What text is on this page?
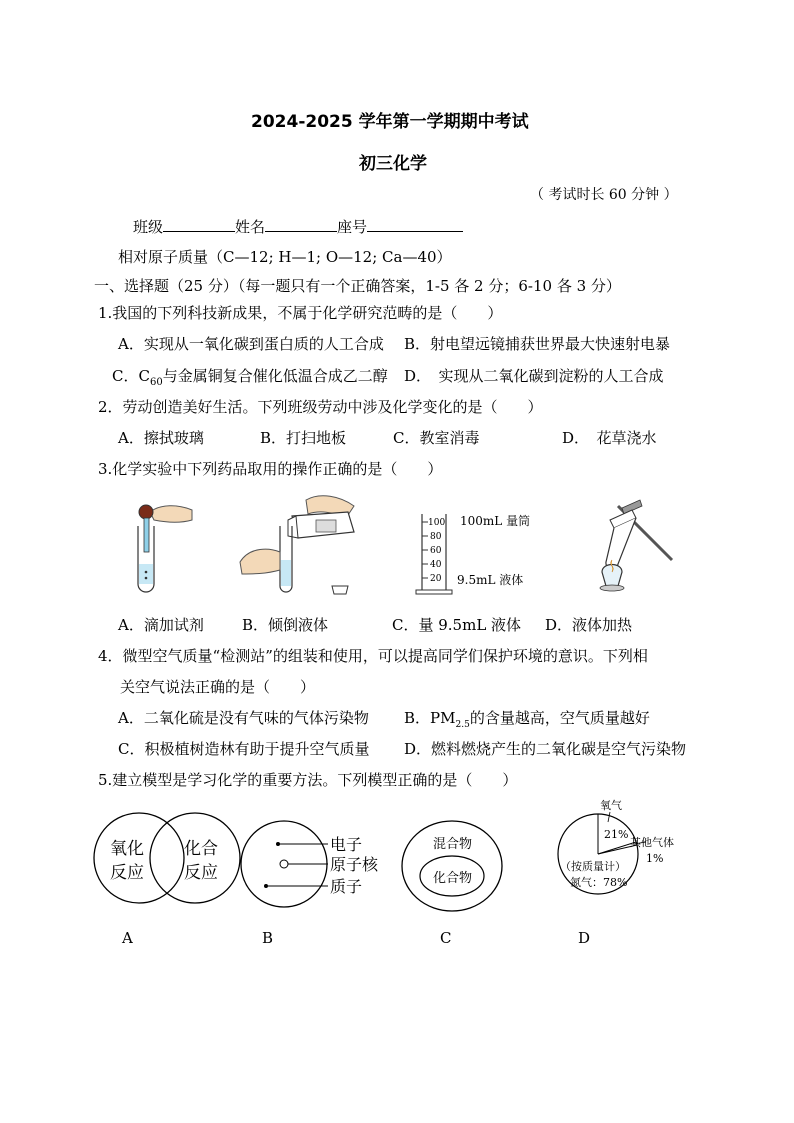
2024-2025 学年第一学期期中考试
初三化学
（ 考试时长 60 分钟 ）
班级	姓名	座号
相对原子质量（C—12; H—1; O—12; Ca—40）
一、选择题（25 分）（每一题只有一个正确答案，1-5 各 2 分；6-10 各 3 分）
1.我国的下列科技新成果，不属于化学研究范畴的是（　　）
A．实现从一氧化碳到蛋白质的人工合成 B．射电望远镜捕获世界最大快速射电暴
C．$C_{60}$与金属铜复合催化低温合成乙二醇 D．　实现从二氧化碳到淀粉的人工合成
2．劳动创造美好生活。下列班级劳动中涉及化学变化的是（　　）
A．擦拭玻璃	B．打扫地板	C．教室消毒	D．　花草浇水
3.化学实验中下列药品取用的操作正确的是（　　）
100
80
60
40
20
100mL 量筒
9.5mL 液体
A．滴加试剂	B．倾倒液体	C．量 9.5mL 液体 D．液体加热
4．微型空气质量“检测站”的组装和使用，可以提高同学们保护环境的意识。下列相
关空气说法正确的是（　　）
A．二氧化硫是没有气味的气体污染物 B．$PM_{2.5}$的含量越高，空气质量越好
C．积极植树造林有助于提升空气质量 D．燃料燃烧产生的二氧化碳是空气污染物
5.建立模型是学习化学的重要方法。下列模型正确的是（　　）
氧化
反应
化合
反应
电子
原子核
质子
混合物
化合物
氧气
21%
其他气体
1%
（按质量计）
氮气：78%
A	B	C	D
